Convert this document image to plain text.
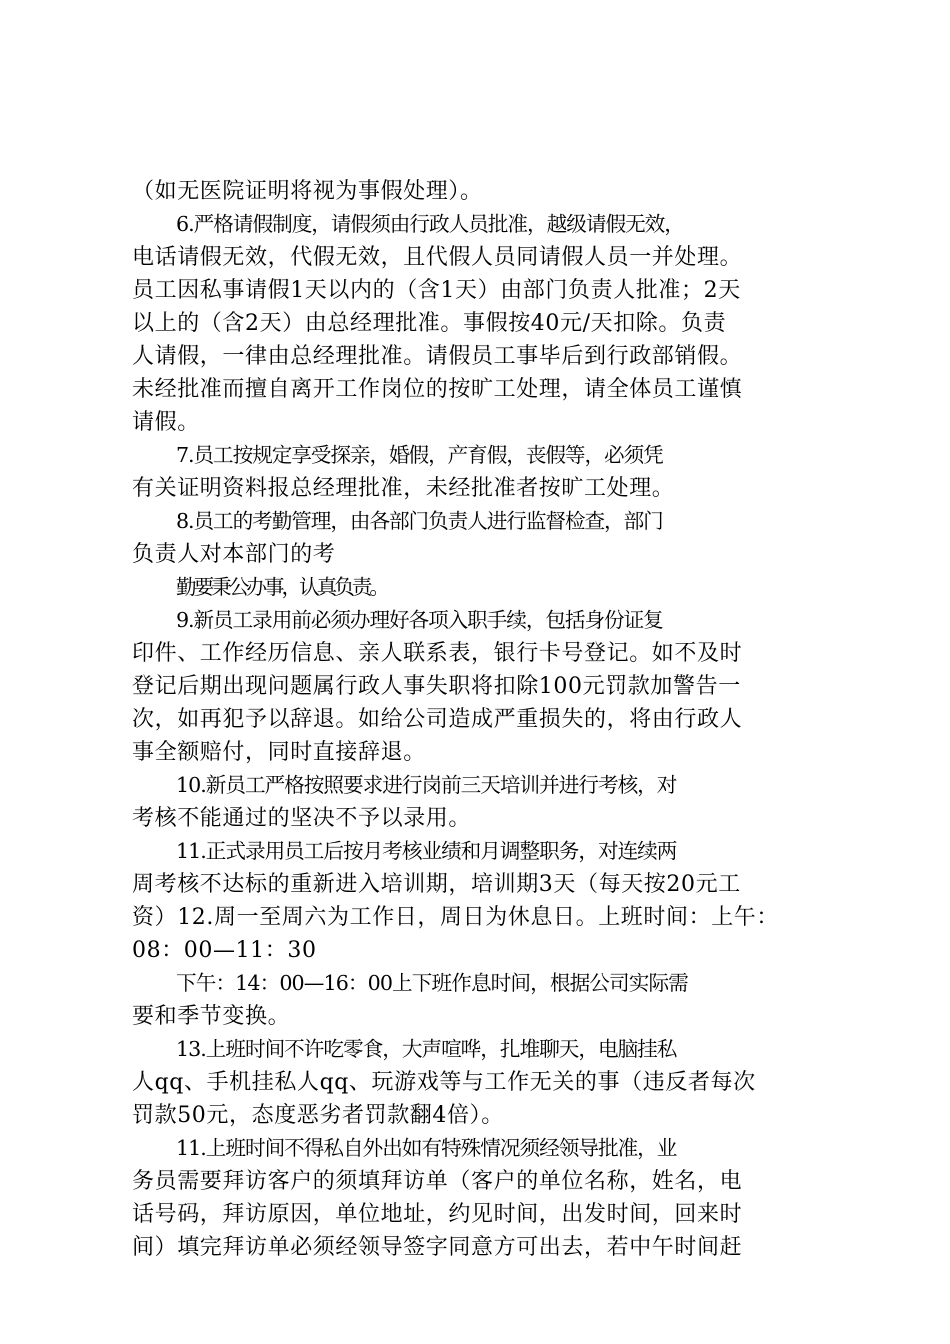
（如无医院证明将视为事假处理）。
6.严格请假制度，请假须由行政人员批准，越级请假无效，
电话请假无效，代假无效，且代假人员同请假人员一并处理。
员工因私事请假1天以内的（含1天）由部门负责人批准；2天
以上的（含2天）由总经理批准。事假按40元/天扣除。负责
人请假，一律由总经理批准。请假员工事毕后到行政部销假。
未经批准而擅自离开工作岗位的按旷工处理，请全体员工谨慎
请假。
7.员工按规定享受探亲，婚假，产育假，丧假等，必须凭
有关证明资料报总经理批准，未经批准者按旷工处理。
8.员工的考勤管理，由各部门负责人进行监督检查，部门
负责人对本部门的考
勤要秉公办事，认真负责。
9.新员工录用前必须办理好各项入职手续，包括身份证复
印件、工作经历信息、亲人联系表，银行卡号登记。如不及时
登记后期出现问题属行政人事失职将扣除100元罚款加警告一
次，如再犯予以辞退。如给公司造成严重损失的，将由行政人
事全额赔付，同时直接辞退。
10.新员工严格按照要求进行岗前三天培训并进行考核，对
考核不能通过的坚决不予以录用。
11.正式录用员工后按月考核业绩和月调整职务，对连续两
周考核不达标的重新进入培训期，培训期3天（每天按20元工
资）12.周一至周六为工作日，周日为休息日。上班时间：上午：
08：00—11：30
下午：14：00—16：00上下班作息时间，根据公司实际需
要和季节变换。
13.上班时间不许吃零食，大声喧哗，扎堆聊天，电脑挂私
人qq、手机挂私人qq、玩游戏等与工作无关的事（违反者每次
罚款50元，态度恶劣者罚款翻4倍）。
11.上班时间不得私自外出如有特殊情况须经领导批准，业
务员需要拜访客户的须填拜访单（客户的单位名称，姓名，电
话号码，拜访原因，单位地址，约见时间，出发时间，回来时
间）填完拜访单必须经领导签字同意方可出去，若中午时间赶
